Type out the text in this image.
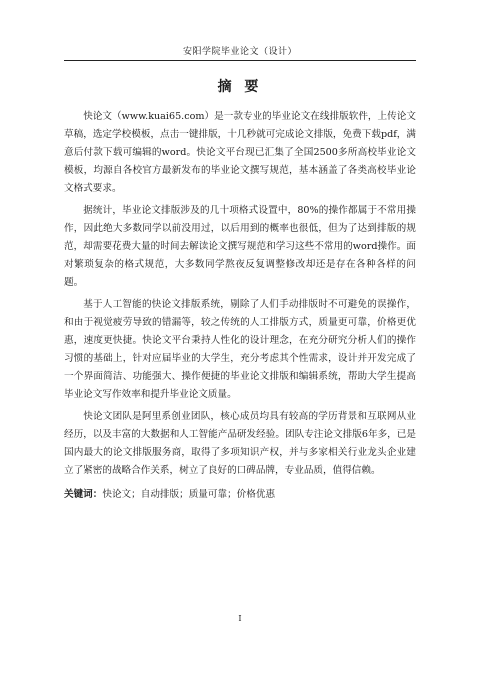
安阳学院毕业论文（设计）
摘 要

快论文（www.kuai65.com）是一款专业的毕业论文在线排版软件，上传论文草稿，选定学校模板，点击一键排版，十几秒就可完成论文排版，免费下载pdf，满意后付款下载可编辑的word。快论文平台现已汇集了全国2500多所高校毕业论文模板，均源自各校官方最新发布的毕业论文撰写规范，基本涵盖了各类高校毕业论文格式要求。

据统计，毕业论文排版涉及的几十项格式设置中，80%的操作都属于不常用操作，因此绝大多数同学以前没用过，以后用到的概率也很低，但为了达到排版的规范，却需要花费大量的时间去解读论文撰写规范和学习这些不常用的word操作。面对繁琐复杂的格式规范，大多数同学熬夜反复调整修改却还是存在各种各样的问题。

基于人工智能的快论文排版系统，剔除了人们手动排版时不可避免的误操作，和由于视觉疲劳导致的错漏等，较之传统的人工排版方式，质量更可靠，价格更优惠，速度更快捷。快论文平台秉持人性化的设计理念，在充分研究分析人们的操作习惯的基础上，针对应届毕业的大学生，充分考虑其个性需求，设计并开发完成了一个界面简洁、功能强大、操作便捷的毕业论文排版和编辑系统，帮助大学生提高毕业论文写作效率和提升毕业论文质量。

快论文团队是阿里系创业团队，核心成员均具有较高的学历背景和互联网从业经历，以及丰富的大数据和人工智能产品研发经验。团队专注论文排版6年多，已是国内最大的论文排版服务商，取得了多项知识产权，并与多家相关行业龙头企业建立了紧密的战略合作关系，树立了良好的口碑品牌，专业品质，值得信赖。

关键词：快论文；自动排版；质量可靠；价格优惠
I
